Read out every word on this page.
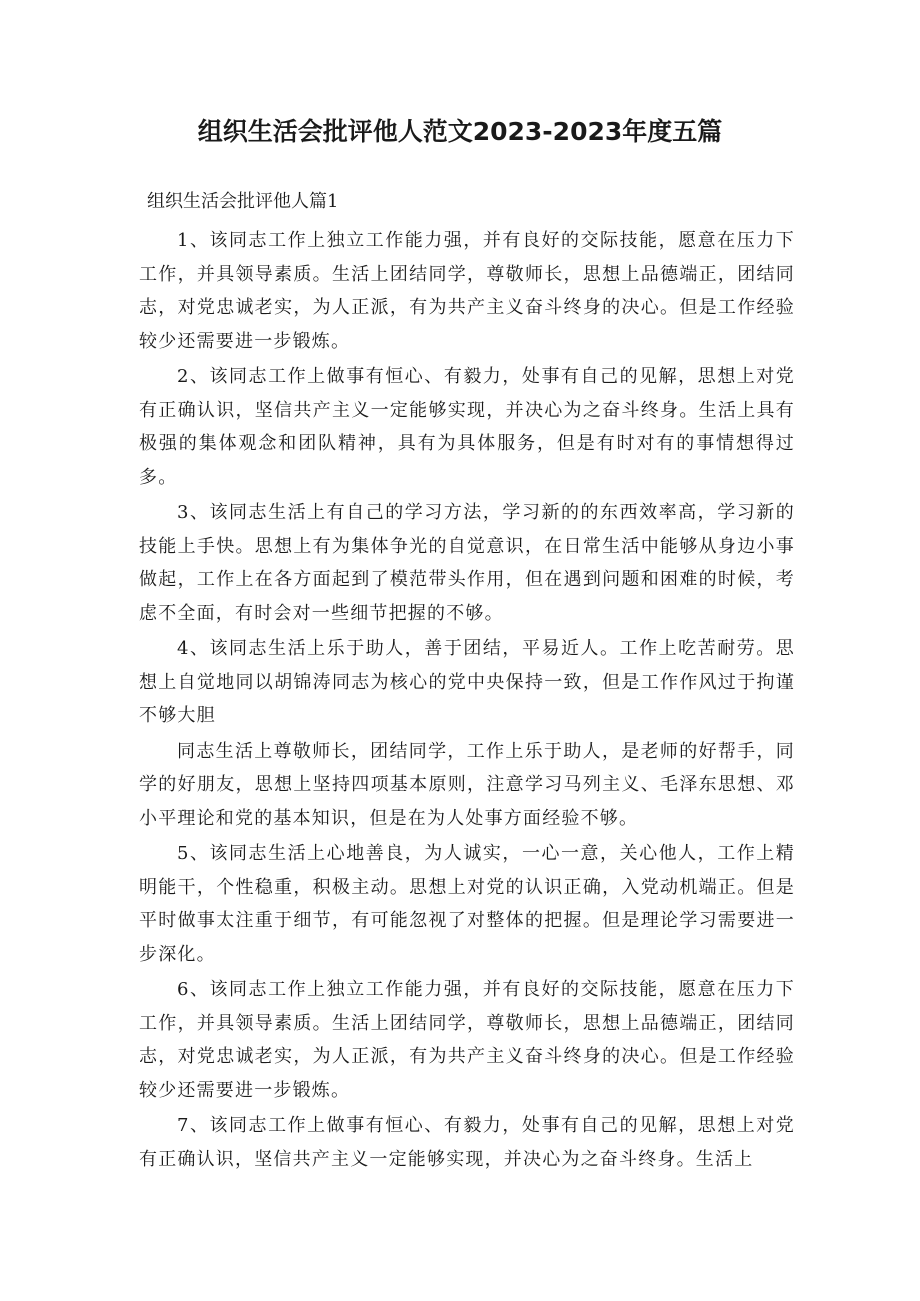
组织生活会批评他人范文2023-2023年度五篇

组织生活会批评他人篇1

1、该同志工作上独立工作能力强，并有良好的交际技能，愿意在压力下工作，并具领导素质。生活上团结同学，尊敬师长，思想上品德端正，团结同志，对党忠诚老实，为人正派，有为共产主义奋斗终身的决心。但是工作经验较少还需要进一步锻炼。

2、该同志工作上做事有恒心、有毅力，处事有自己的见解，思想上对党有正确认识，坚信共产主义一定能够实现，并决心为之奋斗终身。生活上具有极强的集体观念和团队精神，具有为具体服务，但是有时对有的事情想得过多。

3、该同志生活上有自己的学习方法，学习新的的东西效率高，学习新的技能上手快。思想上有为集体争光的自觉意识，在日常生活中能够从身边小事做起，工作上在各方面起到了模范带头作用，但在遇到问题和困难的时候，考虑不全面，有时会对一些细节把握的不够。

4、该同志生活上乐于助人，善于团结，平易近人。工作上吃苦耐劳。思想上自觉地同以胡锦涛同志为核心的党中央保持一致，但是工作作风过于拘谨不够大胆

同志生活上尊敬师长，团结同学，工作上乐于助人，是老师的好帮手，同学的好朋友，思想上坚持四项基本原则，注意学习马列主义、毛泽东思想、邓小平理论和党的基本知识，但是在为人处事方面经验不够。

5、该同志生活上心地善良，为人诚实，一心一意，关心他人，工作上精明能干，个性稳重，积极主动。思想上对党的认识正确，入党动机端正。但是平时做事太注重于细节，有可能忽视了对整体的把握。但是理论学习需要进一步深化。

6、该同志工作上独立工作能力强，并有良好的交际技能，愿意在压力下工作，并具领导素质。生活上团结同学，尊敬师长，思想上品德端正，团结同志，对党忠诚老实，为人正派，有为共产主义奋斗终身的决心。但是工作经验较少还需要进一步锻炼。

7、该同志工作上做事有恒心、有毅力，处事有自己的见解，思想上对党有正确认识，坚信共产主义一定能够实现，并决心为之奋斗终身。生活上
